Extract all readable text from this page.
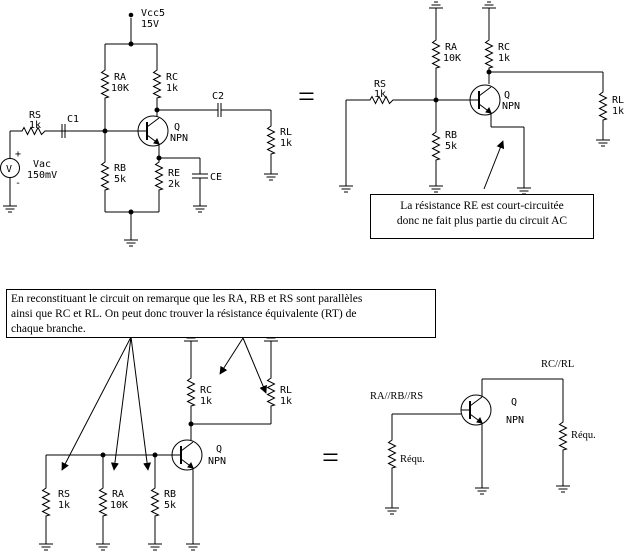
Vcc5
15V
RA
10K
RC
1k
RS
1k
C1
C2
Q
NPN
RL
1k
V
+
-
Vac
150mV
RB
5k
RE
2k
CE
=
RA
10K
RC
1k
RS
1k	Q
NPN
RL
1k
RB
5k
RC
1k
RL
1k
Q
NPN
RS
1k
RA
10K
RB
5k
=
RA//RB//RS
RC//RL
Q
NPN
Réqu.
Réqu.
La résistance RE est court-circuitée
donc ne fait plus partie du circuit AC
En reconstituant le circuit on remarque que les RA, RB et RS sont parallèles
ainsi que RC et RL. On peut donc trouver la résistance équivalente (RT) de
chaque branche.
